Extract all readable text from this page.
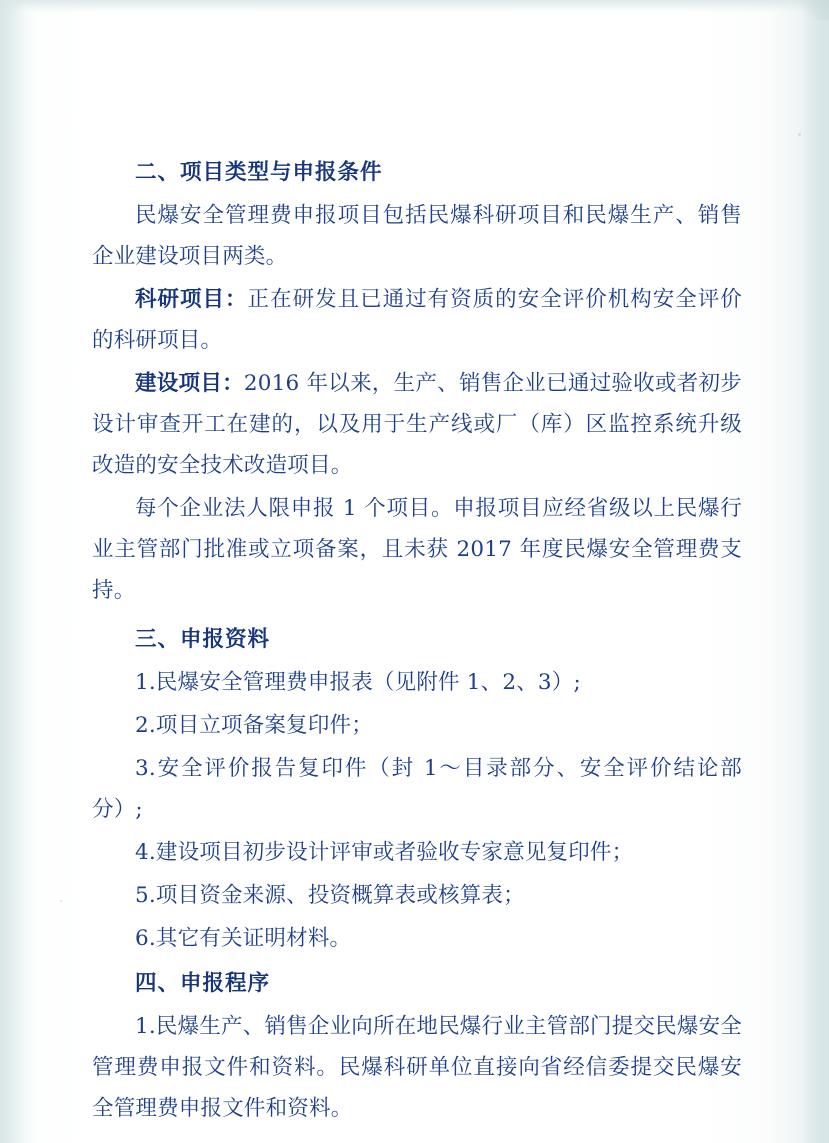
二、项目类型与申报条件

民爆安全管理费申报项目包括民爆科研项目和民爆生产、销售企业建设项目两类。

科研项目：正在研发且已通过有资质的安全评价机构安全评价的科研项目。

建设项目：2016 年以来，生产、销售企业已通过验收或者初步设计审查开工在建的，以及用于生产线或厂（库）区监控系统升级改造的安全技术改造项目。

每个企业法人限申报 1 个项目。申报项目应经省级以上民爆行业主管部门批准或立项备案，且未获 2017 年度民爆安全管理费支持。

三、申报资料

1.民爆安全管理费申报表（见附件 1、2、3）;

2.项目立项备案复印件；

3.安全评价报告复印件（封 1～目录部分、安全评价结论部分）;

4.建设项目初步设计评审或者验收专家意见复印件；

5.项目资金来源、投资概算表或核算表；

6.其它有关证明材料。

四、申报程序

1.民爆生产、销售企业向所在地民爆行业主管部门提交民爆安全管理费申报文件和资料。民爆科研单位直接向省经信委提交民爆安全管理费申报文件和资料。
